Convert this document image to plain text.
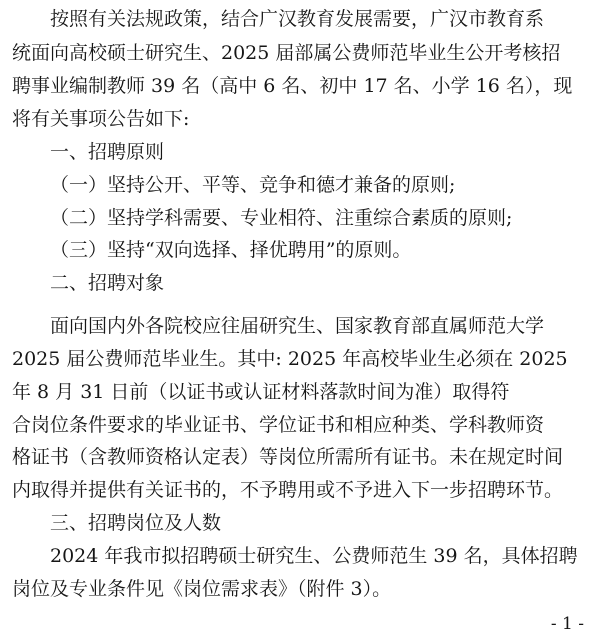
按照有关法规政策，结合广汉教育发展需要，广汉市教育系
统面向高校硕士研究生、2025 届部属公费师范毕业生公开考核招
聘事业编制教师 39 名（高中 6 名、初中 17 名、小学 16 名），现
将有关事项公告如下:
一、招聘原则
（一）坚持公开、平等、竞争和德才兼备的原则;
（二）坚持学科需要、专业相符、注重综合素质的原则;
（三）坚持“双向选择、择优聘用”的原则。
二、招聘对象
面向国内外各院校应往届研究生、国家教育部直属师范大学
2025 届公费师范毕业生。其中: 2025 年高校毕业生必须在 2025
年 8 月 31 日前（以证书或认证材料落款时间为准）取得符
合岗位条件要求的毕业证书、学位证书和相应种类、学科教师资
格证书（含教师资格认定表）等岗位所需所有证书。未在规定时间
内取得并提供有关证书的，不予聘用或不予进入下一步招聘环节。
三、招聘岗位及人数
2024 年我市拟招聘硕士研究生、公费师范生 39 名，具体招聘
岗位及专业条件见《岗位需求表》（附件 3）。
- 1 -
